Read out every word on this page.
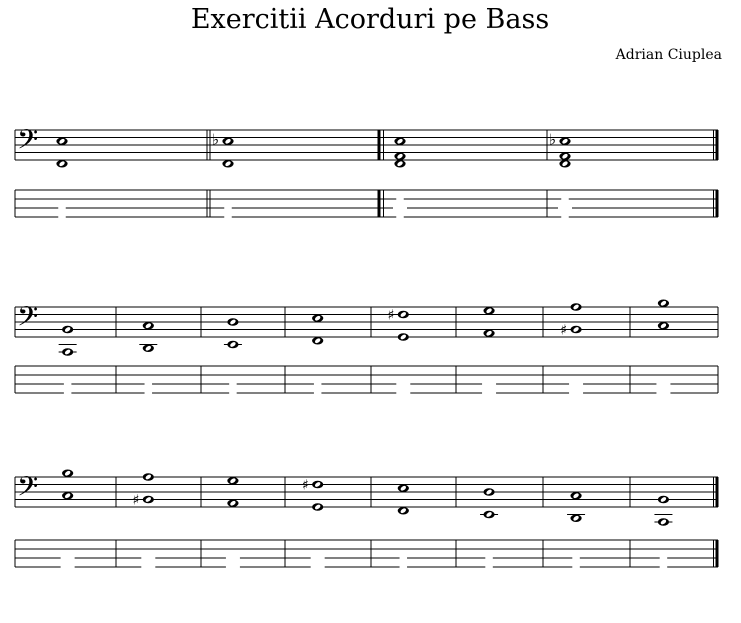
Exercitii Acorduri pe Bass
Adrian Ciuplea
𝄢	♭	♭
𝄢	♯
♯
𝄢	♯
♯
